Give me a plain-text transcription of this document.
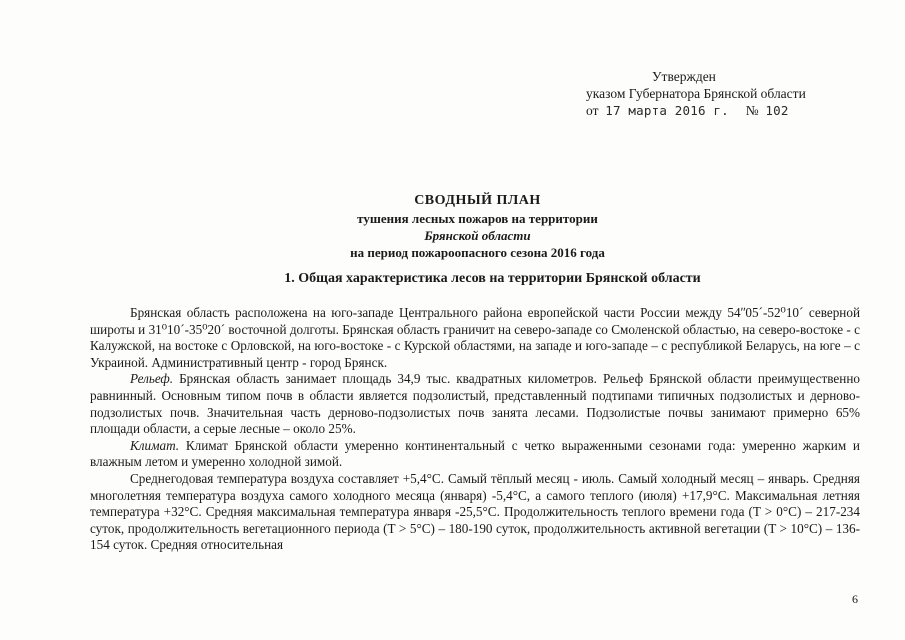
Утвержден
указом Губернатора Брянской области
от 17 марта 2016 г. № 102
СВОДНЫЙ ПЛАН
тушения лесных пожаров на территории
Брянской области
на период пожароопасного сезона 2016 года
1. Общая характеристика лесов на территории Брянской области

Брянская область расположена на юго-западе Центрального района европейской части России между 54ʺ05´-52⁰10´ северной широты и 31⁰10´-35⁰20´ восточной долготы. Брянская область граничит на северо-западе со Смоленской областью, на северо-востоке - с Калужской, на востоке с Орловской, на юго-востоке - с Курской областями, на западе и юго-западе – с республикой Беларусь, на юге – с Украиной. Административный центр - город Брянск.

Рельеф. Брянская область занимает площадь 34,9 тыс. квадратных километров. Рельеф Брянской области преимущественно равнинный. Основным типом почв в области является подзолистый, представленный подтипами типичных подзолистых и дерново-подзолистых почв. Значительная часть дерново-подзолистых почв занята лесами. Подзолистые почвы занимают примерно 65% площади области, а серые лесные – около 25%.

Климат. Климат Брянской области умеренно континентальный с четко выраженными сезонами года: умеренно жарким и влажным летом и умеренно холодной зимой.

Среднегодовая температура воздуха составляет +5,4°C. Самый тёплый месяц - июль. Самый холодный месяц – январь. Средняя многолетняя температура воздуха самого холодного месяца (января) -5,4°C, а самого теплого (июля) +17,9°C. Максимальная летняя температура +32°C. Средняя максимальная температура января -25,5°C. Продолжительность теплого времени года (T > 0°C) – 217-234 суток, продолжительность вегетационного периода (T > 5°C) – 180-190 суток, продолжительность активной вегетации (T > 10°C) – 136-154 суток. Средняя относительная

6
